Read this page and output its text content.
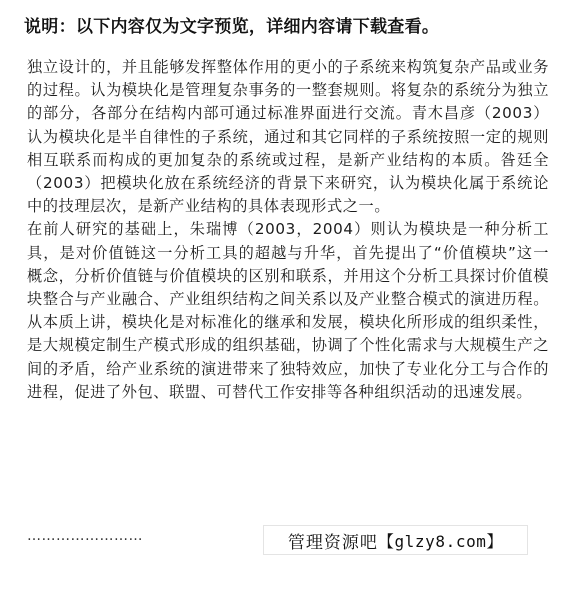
说明：以下内容仅为文字预览，详细内容请下载查看。

独立设计的，并且能够发挥整体作用的更小的子系统来构筑复杂产品或业务的过程。认为模块化是管理复杂事务的一整套规则。将复杂的系统分为独立的部分，各部分在结构内部可通过标准界面进行交流。青木昌彦（2003）认为模块化是半自律性的子系统，通过和其它同样的子系统按照一定的规则相互联系而构成的更加复杂的系统或过程，是新产业结构的本质。昝廷全（2003）把模块化放在系统经济的背景下来研究，认为模块化属于系统论中的技理层次，是新产业结构的具体表现形式之一。

在前人研究的基础上，朱瑞博（2003，2004）则认为模块是一种分析工具，是对价值链这一分析工具的超越与升华，首先提出了“价值模块”这一概念，分析价值链与价值模块的区别和联系，并用这个分析工具探讨价值模块整合与产业融合、产业组织结构之间关系以及产业整合模式的演进历程。从本质上讲，模块化是对标准化的继承和发展，模块化所形成的组织柔性，是大规模定制生产模式形成的组织基础，协调了个性化需求与大规模生产之间的矛盾，给产业系统的演进带来了独特效应，加快了专业化分工与合作的进程，促进了外包、联盟、可替代工作安排等各种组织活动的迅速发展。

……………………	管理资源吧 【glzy8.com】
